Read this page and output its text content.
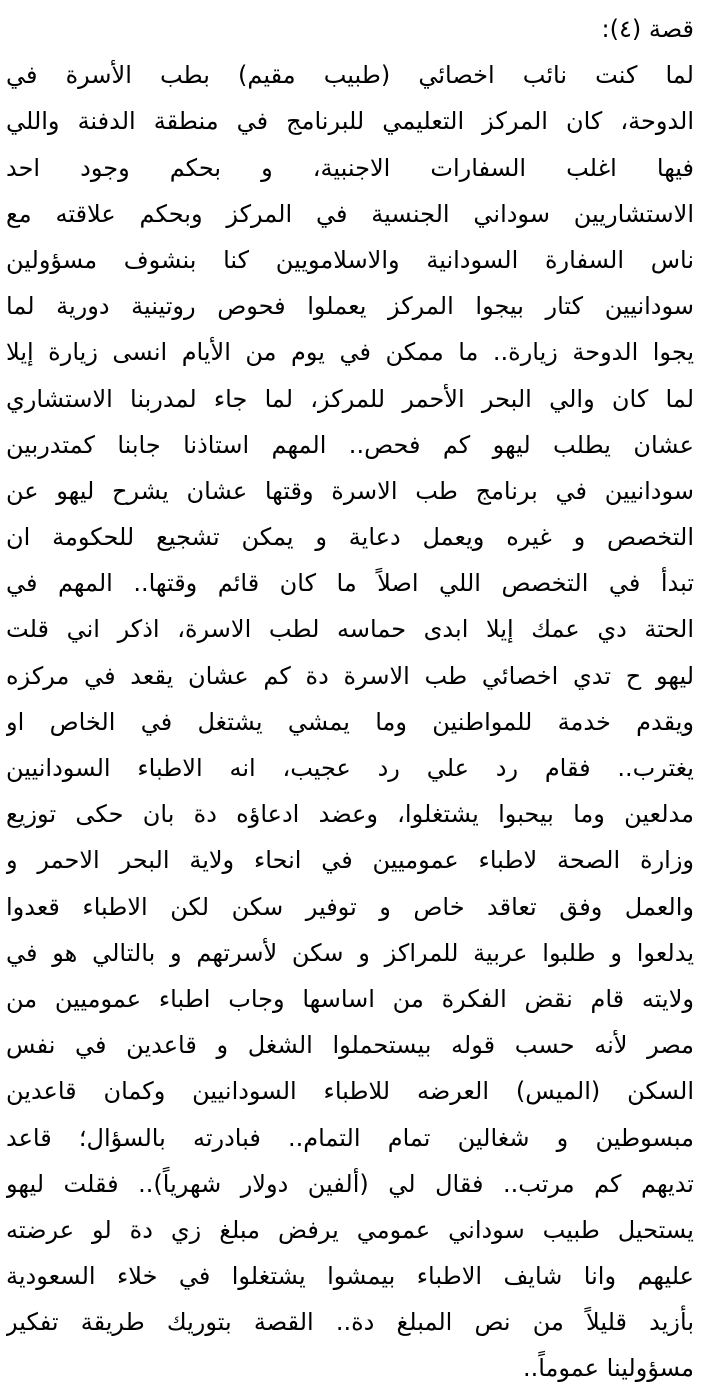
قصة (٤):
لما كنت نائب اخصائي (طبيب مقيم) بطب الأسرة في
الدوحة، كان المركز التعليمي للبرنامج في منطقة الدفنة واللي
فيها اغلب السفارات الاجنبية، و بحكم وجود احد
الاستشاريين سوداني الجنسية في المركز وبحكم علاقته مع
ناس السفارة السودانية والاسلامويين كنا بنشوف مسؤولين
سودانيين كتار بيجوا المركز يعملوا فحوص روتينية دورية لما
يجوا الدوحة زيارة.. ما ممكن في يوم من الأيام انسى زيارة إيلا
لما كان والي البحر الأحمر للمركز، لما جاء لمدربنا الاستشاري
عشان يطلب ليهو كم فحص.. المهم استاذنا جابنا كمتدربين
سودانيين في برنامج طب الاسرة وقتها عشان يشرح ليهو عن
التخصص و غيره ويعمل دعاية و يمكن تشجيع للحكومة ان
تبدأ في التخصص اللي اصلاً ما كان قائم وقتها.. المهم في
الحتة دي عمك إيلا ابدى حماسه لطب الاسرة، اذكر اني قلت
ليهو ح تدي اخصائي طب الاسرة دة كم عشان يقعد في مركزه
ويقدم خدمة للمواطنين وما يمشي يشتغل في الخاص او
يغترب.. فقام رد علي رد عجيب، انه الاطباء السودانيين
مدلعين وما بيحبوا يشتغلوا، وعضد ادعاؤه دة بان حكى توزيع
وزارة الصحة لاطباء عموميين في انحاء ولاية البحر الاحمر و
والعمل وفق تعاقد خاص و توفير سكن لكن الاطباء قعدوا
يدلعوا و طلبوا عربية للمراكز و سكن لأسرتهم و بالتالي هو في
ولايته قام نقض الفكرة من اساسها وجاب اطباء عموميين من
مصر لأنه حسب قوله بيستحملوا الشغل و قاعدين في نفس
السكن (الميس) العرضه للاطباء السودانيين وكمان قاعدين
مبسوطين و شغالين تمام التمام.. فبادرته بالسؤال؛ قاعد
تديهم كم مرتب.. فقال لي (ألفين دولار شهرياً).. فقلت ليهو
يستحيل طبيب سوداني عمومي يرفض مبلغ زي دة لو عرضته
عليهم وانا شايف الاطباء بيمشوا يشتغلوا في خلاء السعودية
بأزيد قليلاً من نص المبلغ دة.. القصة بتوريك طريقة تفكير
مسؤولينا عموماً..
